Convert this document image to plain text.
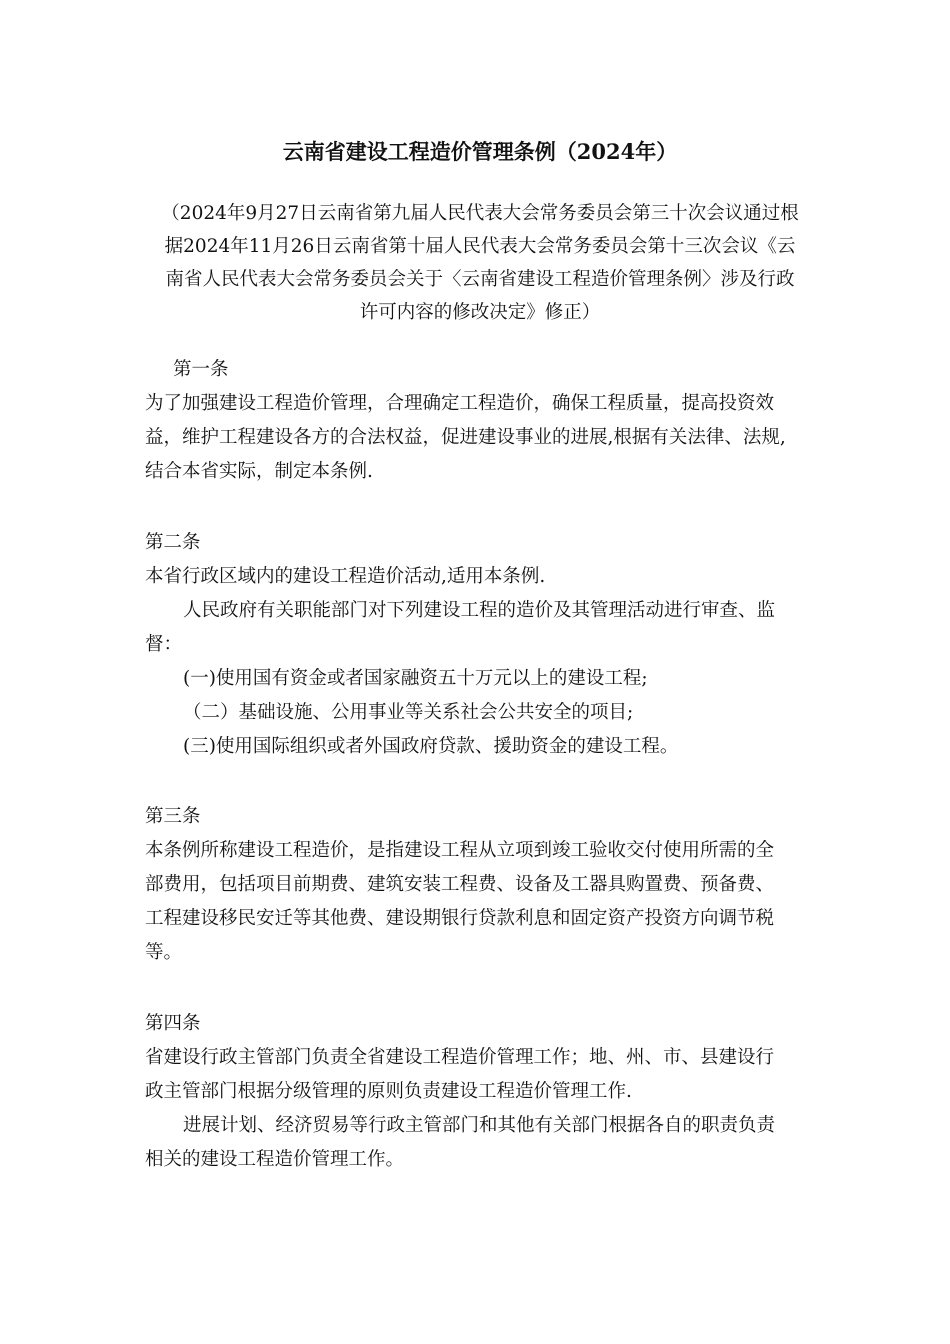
云南省建设工程造价管理条例（2024年）
（2024年9月27日云南省第九届人民代表大会常务委员会第三十次会议通过根
据2024年11月26日云南省第十届人民代表大会常务委员会第十三次会议《云
南省人民代表大会常务委员会关于〈云南省建设工程造价管理条例〉涉及行政
许可内容的修改决定》修正）
第一条
为了加强建设工程造价管理，合理确定工程造价，确保工程质量，提高投资效
益，维护工程建设各方的合法权益，促进建设事业的进展,根据有关法律、法规,
结合本省实际，制定本条例.
第二条
本省行政区域内的建设工程造价活动,适用本条例.
人民政府有关职能部门对下列建设工程的造价及其管理活动进行审查、监
督：
(一)使用国有资金或者国家融资五十万元以上的建设工程;
（二）基础设施、公用事业等关系社会公共安全的项目;
(三)使用国际组织或者外国政府贷款、援助资金的建设工程。
第三条
本条例所称建设工程造价，是指建设工程从立项到竣工验收交付使用所需的全
部费用，包括项目前期费、建筑安装工程费、设备及工器具购置费、预备费、
工程建设移民安迁等其他费、建设期银行贷款利息和固定资产投资方向调节税
等。
第四条
省建设行政主管部门负责全省建设工程造价管理工作；地、州、市、县建设行
政主管部门根据分级管理的原则负责建设工程造价管理工作.
进展计划、经济贸易等行政主管部门和其他有关部门根据各自的职责负责
相关的建设工程造价管理工作。
